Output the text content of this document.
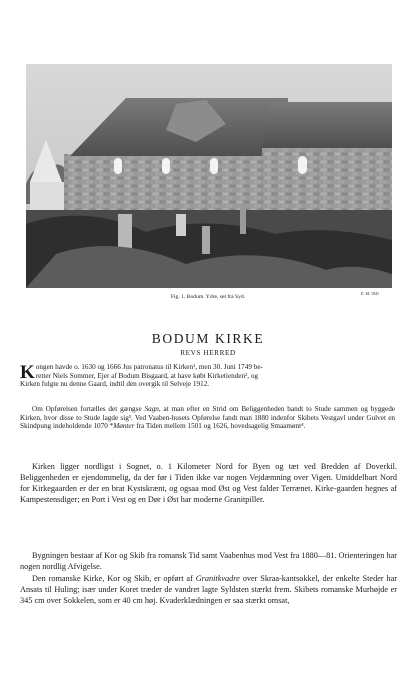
Fig. 1. Bodum. Ydre, set fra Syd.
E. M. 1941
BODUM KIRKE
REVS HERRED
K ongen havde o. 1630 og 1666 Jus patronatus til Kirken¹, men 30. Juni 1749 be-
retter Niels Sommer, Ejer af Bodum Bisgaard, at have købt Kirketienden², og
Kirken fulgte nu denne Gaard, indtil den overgik til Selveje 1912.

Om Opførelsen fortælles det gængse Sagn, at man efter en Strid om Beliggenheden bandt to Stude sammen og byggede Kirken, hvor disse to Stude lagde sig³. Ved Vaaben-husets Opførelse fandt man 1880 indenfor Skibets Vestgavl under Gulvet en Skindpung indeholdende 1070 *Mønter fra Tiden mellem 1501 og 1626, hovedsagelig Smaamønt⁴.

Kirken ligger nordligst i Sognet, o. 1 Kilometer Nord for Byen og tæt ved Bredden af Doverkil. Beliggenheden er ejendommelig, da der før i Tiden ikke var nogen Vejdæmning over Vigen. Umiddelbart Nord for Kirkegaarden er der en brat Kystskrænt, og ogsaa mod Øst og Vest falder Terrænet. Kirke-gaarden hegnes af Kampestensdiger; en Port i Vest og en Dør i Øst har moderne Granitpiller.
Bygningen bestaar af Kor og Skib fra romansk Tid samt Vaabenhus mod Vest fra 1880—81. Orienteringen har nogen nordlig Afvigelse.
Den romanske Kirke, Kor og Skib, er opført af Granitkvadre over Skraa-kantsokkel, der enkelte Steder har Ansats til Huling; især under Koret træder de vandret lagte Syldsten stærkt frem. Skibets romanske Murhøjde er 345 cm over Sokkelen, som er 40 cm høj. Kvaderklædningen er saa stærkt omsat,
